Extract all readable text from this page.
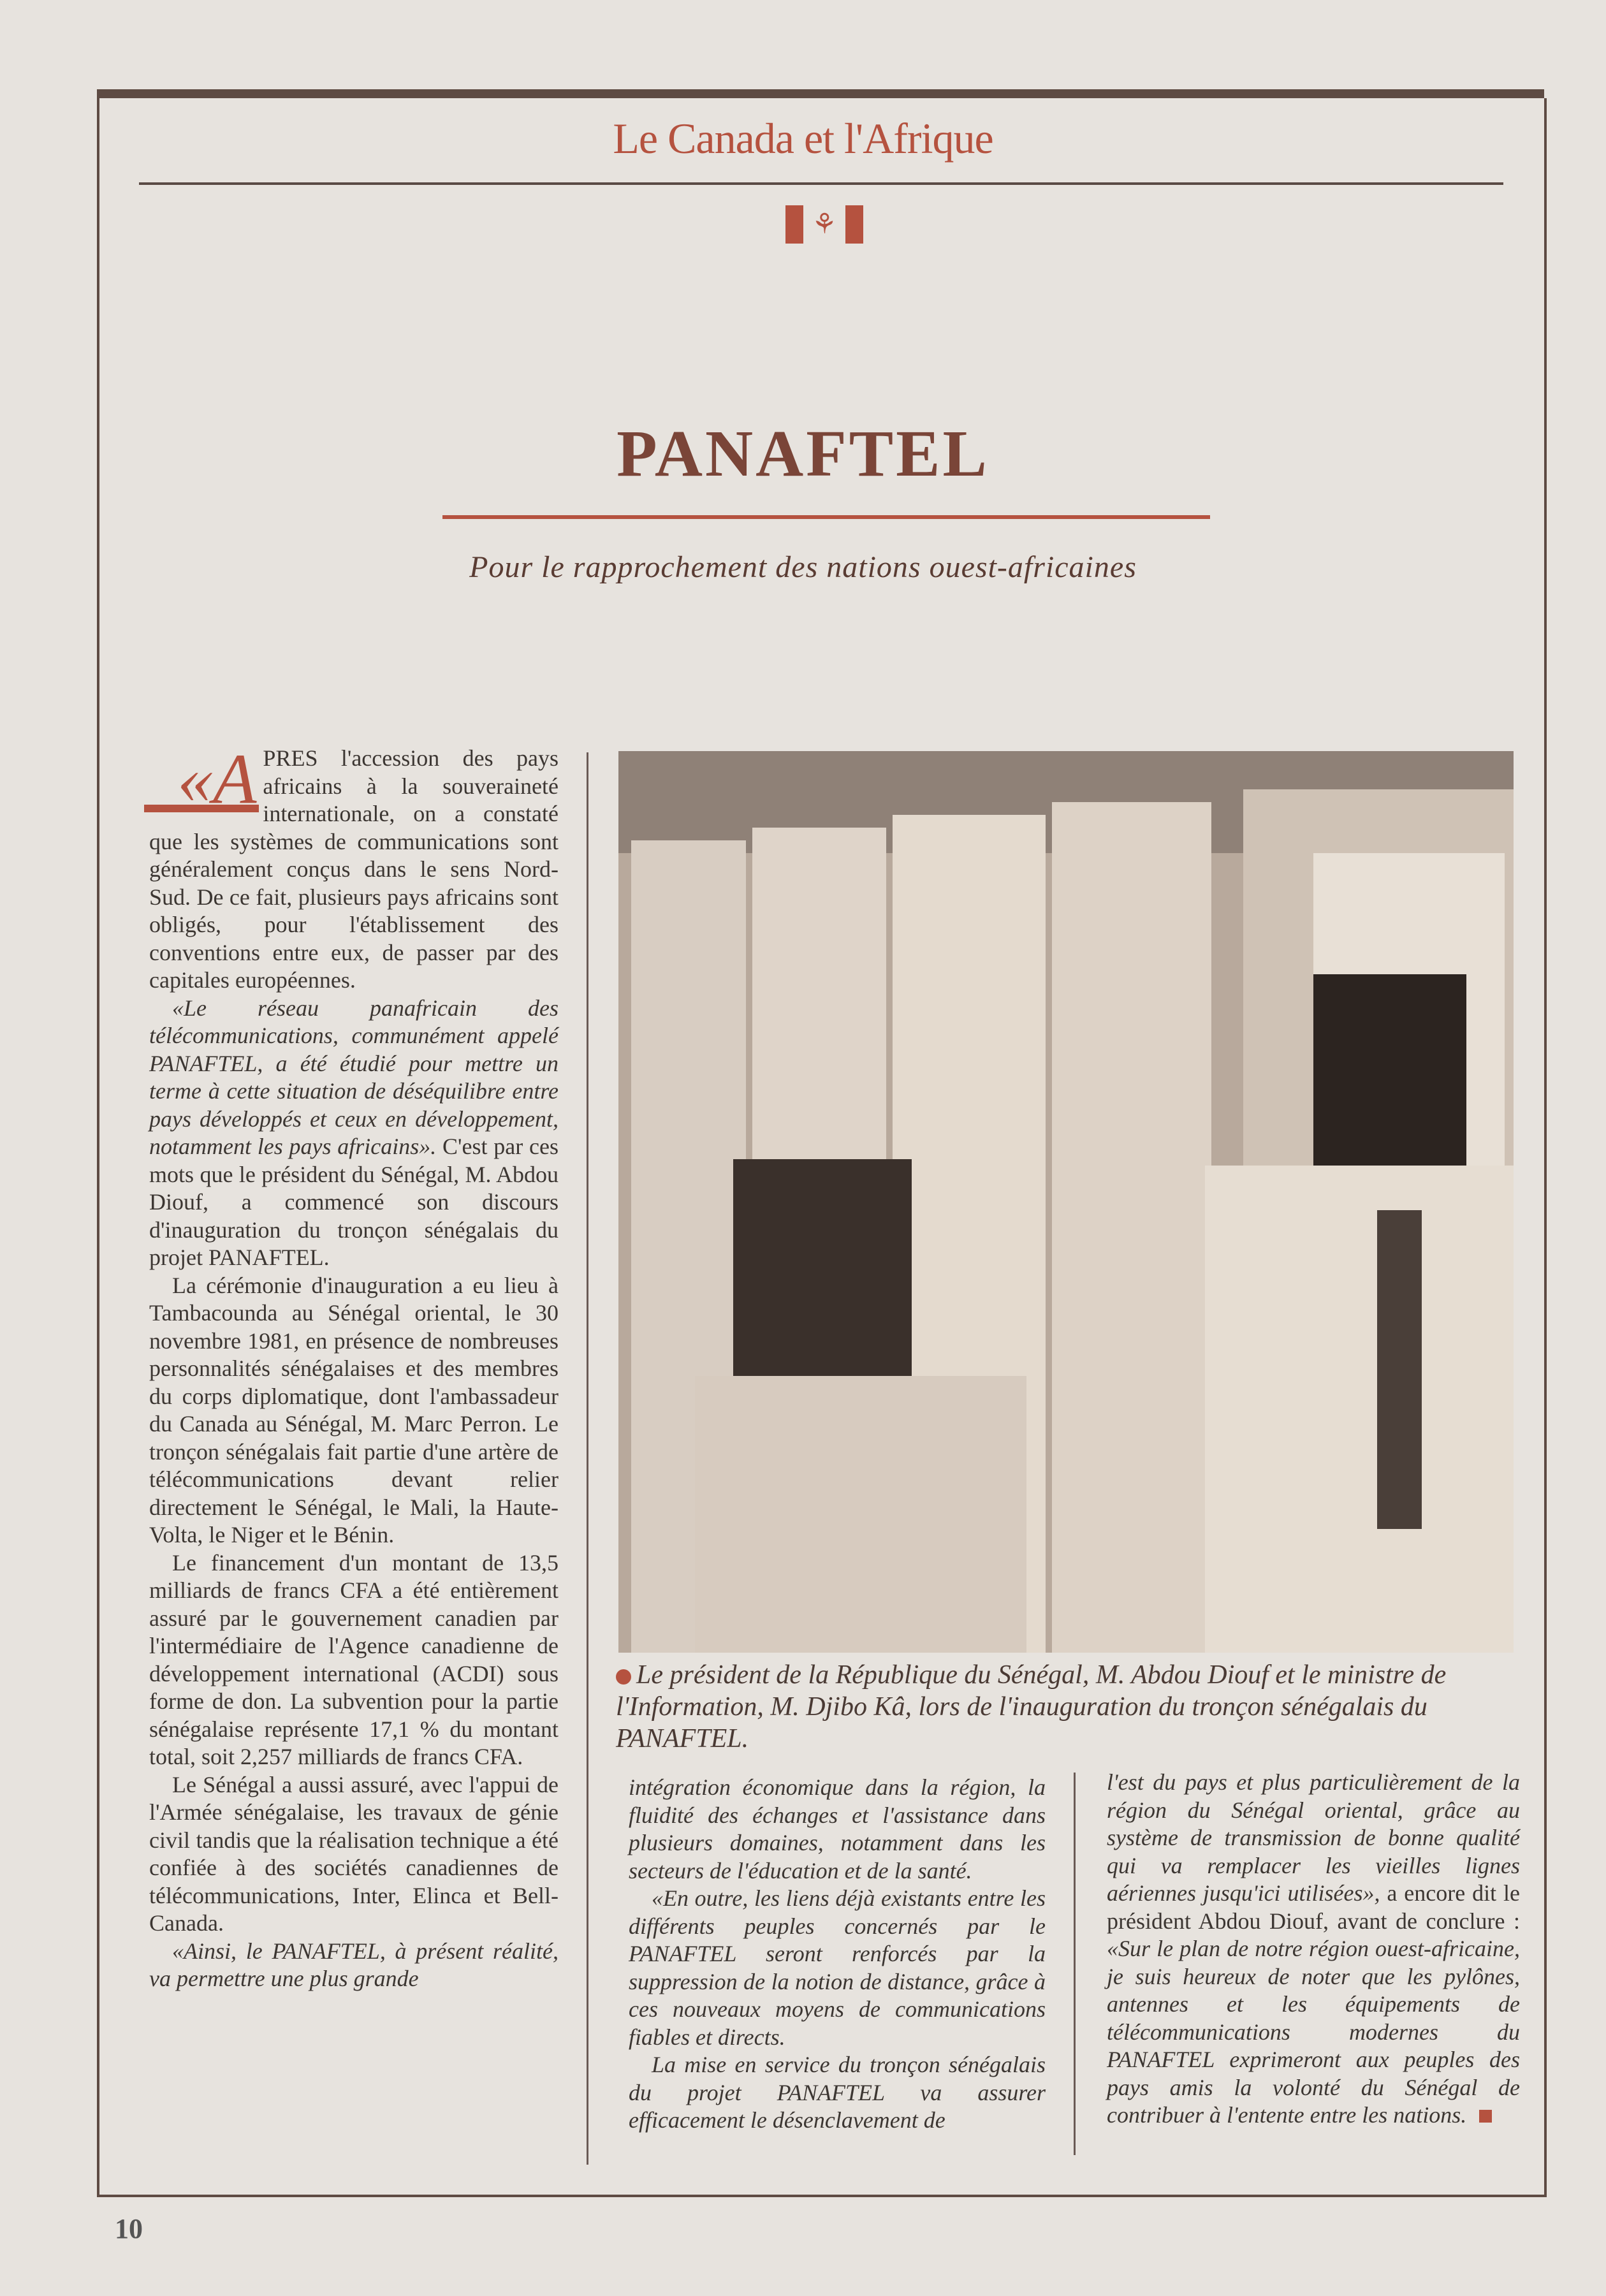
Le Canada et l'Afrique
⚘
PANAFTEL
Pour le rapprochement des nations ouest-africaines

«A PRES l'accession des pays africains à la souveraineté internationale, on a constaté que les systèmes de communications sont généralement conçus dans le sens Nord-Sud. De ce fait, plusieurs pays africains sont obligés, pour l'établissement des conventions entre eux, de passer par des capitales européennes.

«Le réseau panafricain des télécommunications, communément appelé PANAFTEL, a été étudié pour mettre un terme à cette situation de déséquilibre entre pays développés et ceux en développement, notamment les pays africains». C'est par ces mots que le président du Sénégal, M. Abdou Diouf, a commencé son discours d'inauguration du tronçon sénégalais du projet PANAFTEL.

La cérémonie d'inauguration a eu lieu à Tambacounda au Sénégal oriental, le 30 novembre 1981, en présence de nombreuses personnalités sénégalaises et des membres du corps diplomatique, dont l'ambassadeur du Canada au Sénégal, M. Marc Perron. Le tronçon sénégalais fait partie d'une artère de télécommunications devant relier directement le Sénégal, le Mali, la Haute-Volta, le Niger et le Bénin.

Le financement d'un montant de 13,5 milliards de francs CFA a été entièrement assuré par le gouvernement canadien par l'intermédiaire de l'Agence canadienne de développement international (ACDI) sous forme de don. La subvention pour la partie sénégalaise représente 17,1 % du montant total, soit 2,257 milliards de francs CFA.

Le Sénégal a aussi assuré, avec l'appui de l'Armée sénégalaise, les travaux de génie civil tandis que la réalisation technique a été confiée à des sociétés canadiennes de télécommunications, Inter, Elinca et Bell-Canada.

«Ainsi, le PANAFTEL, à présent réalité, va permettre une plus grande

Le président de la République du Sénégal, M. Abdou Diouf et le ministre de l'Information, M. Djibo Kâ, lors de l'inauguration du tronçon sénégalais du PANAFTEL.

intégration économique dans la région, la fluidité des échanges et l'assistance dans plusieurs domaines, notamment dans les secteurs de l'éducation et de la santé.

«En outre, les liens déjà existants entre les différents peuples concernés par le PANAFTEL seront renforcés par la suppression de la notion de distance, grâce à ces nouveaux moyens de communications fiables et directs.

La mise en service du tronçon sénégalais du projet PANAFTEL va assurer efficacement le désenclavement de

l'est du pays et plus particulièrement de la région du Sénégal oriental, grâce au système de transmission de bonne qualité qui va remplacer les vieilles lignes aériennes jusqu'ici utilisées», a encore dit le président Abdou Diouf, avant de conclure : «Sur le plan de notre région ouest-africaine, je suis heureux de noter que les pylônes, antennes et les équipements de télécommunications modernes du PANAFTEL exprimeront aux peuples des pays amis la volonté du Sénégal de contribuer à l'entente entre les nations.

10
